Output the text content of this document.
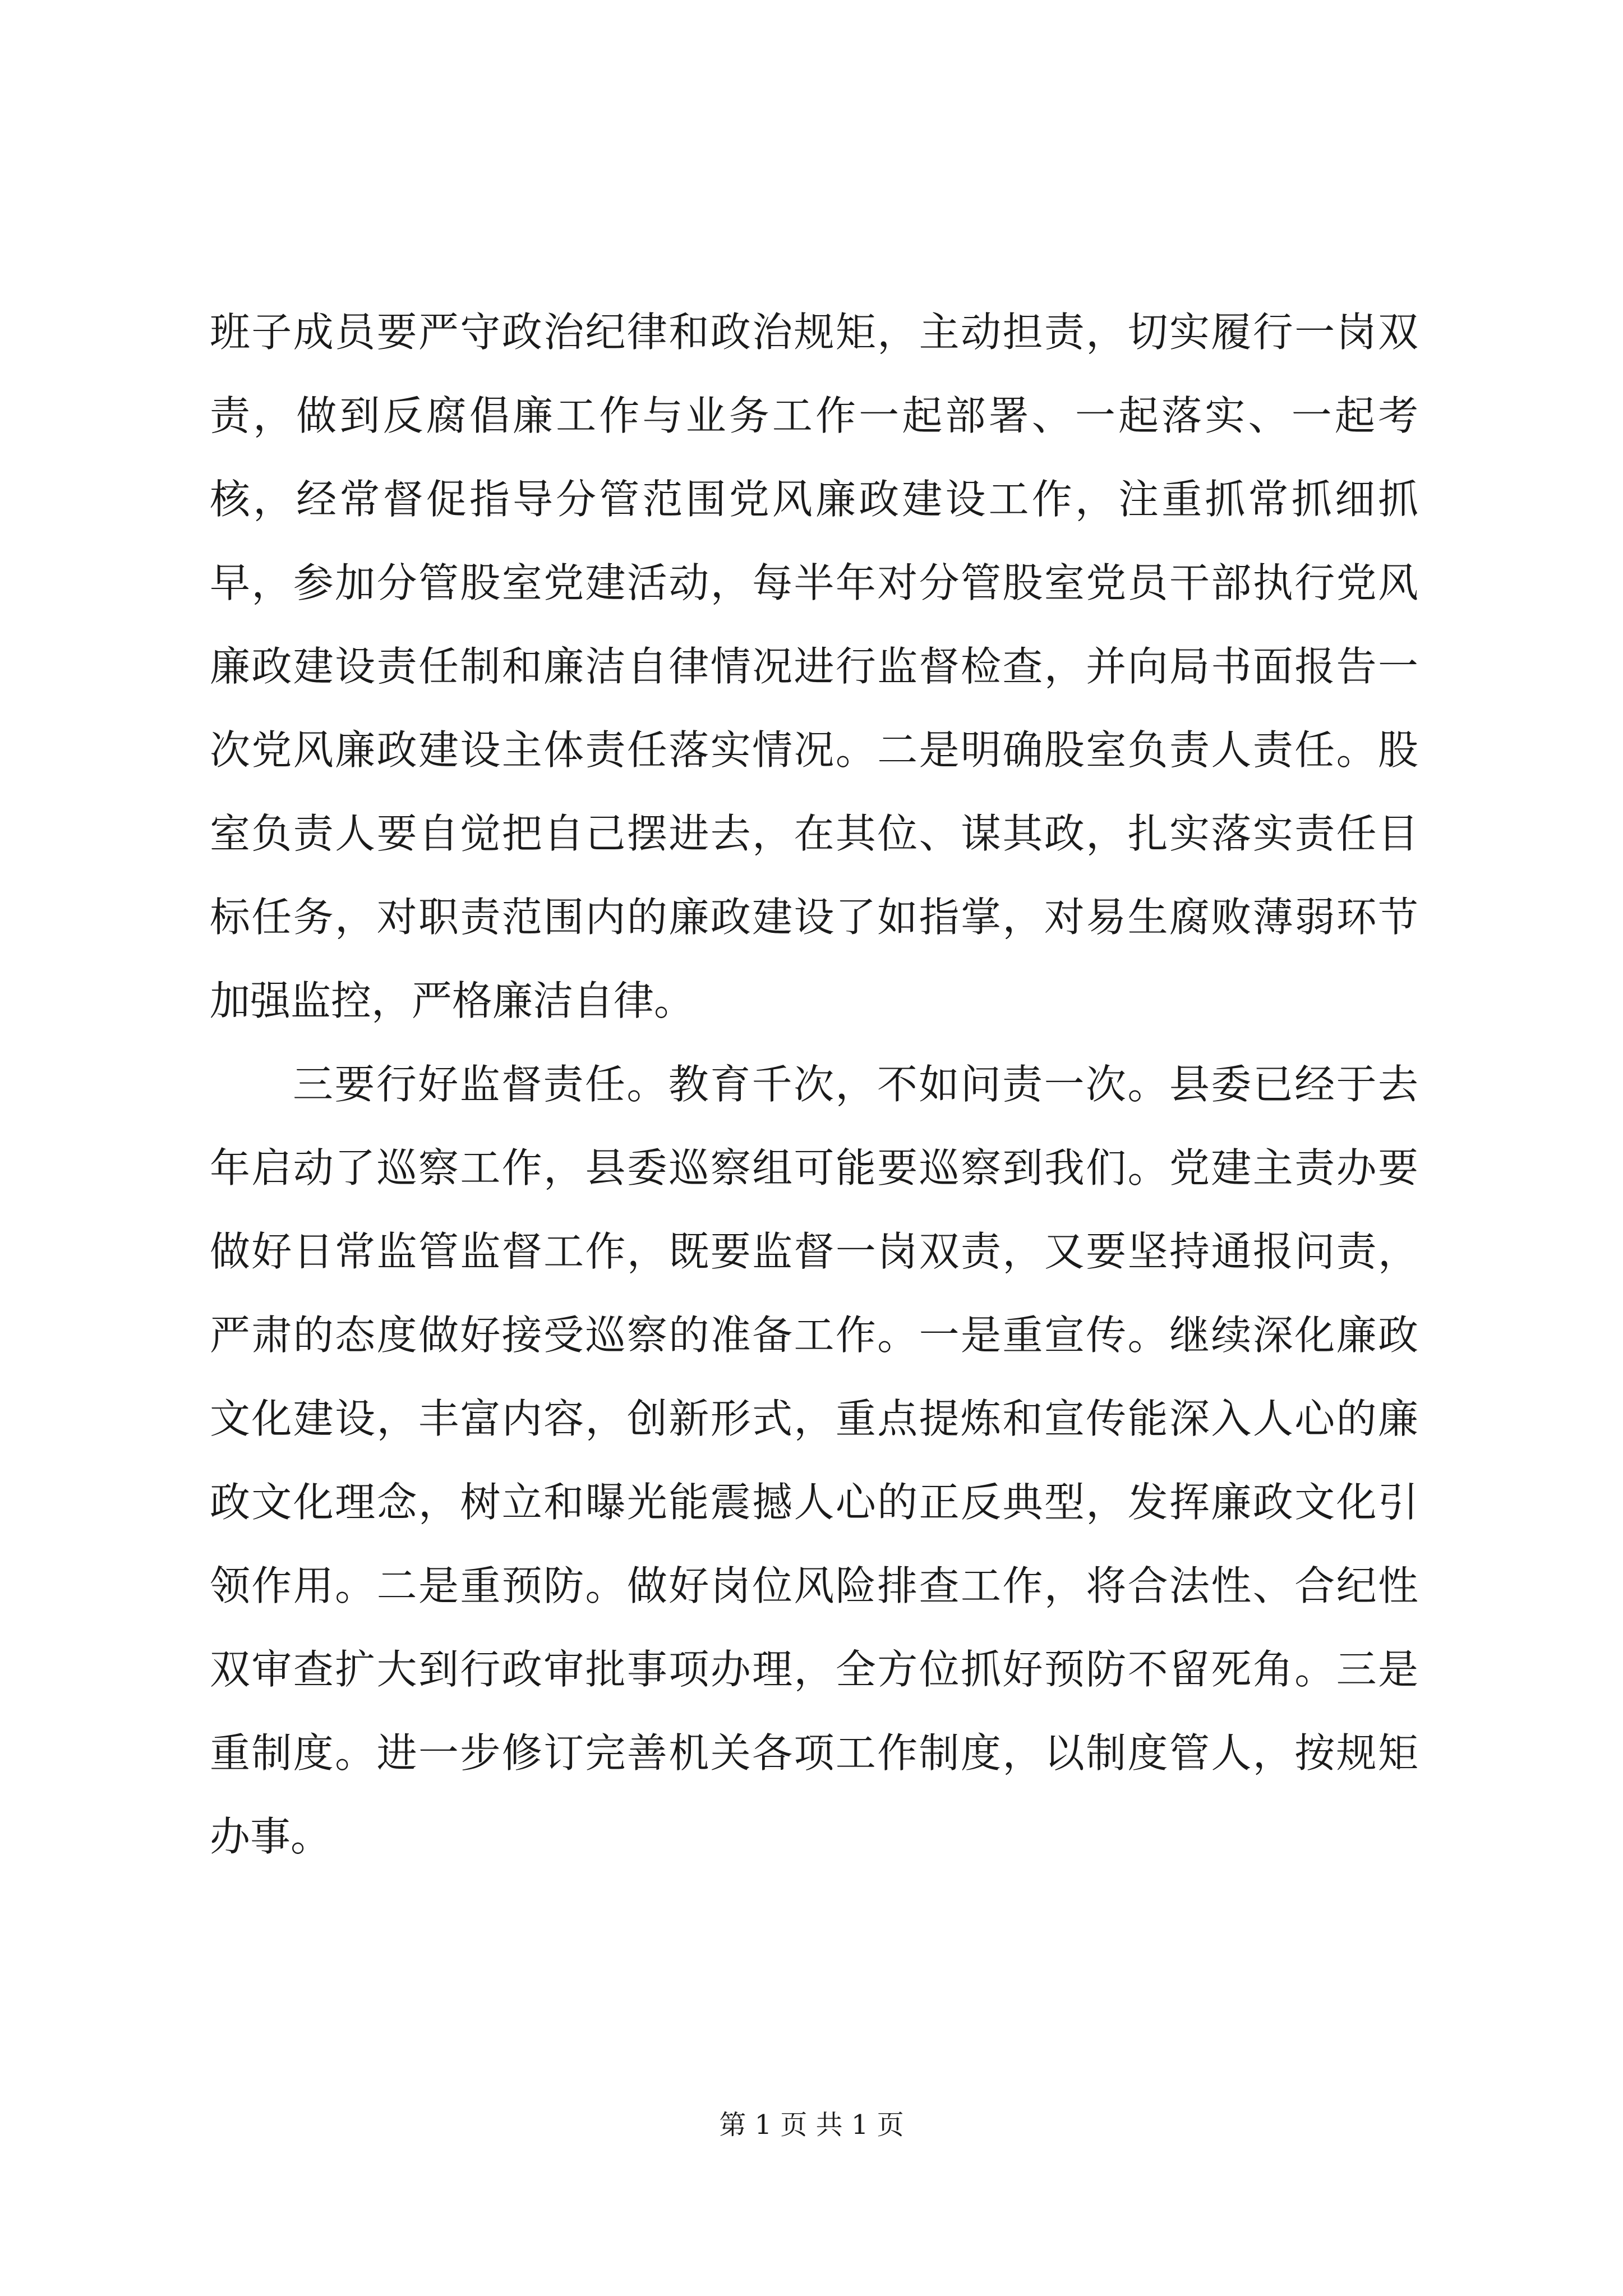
班子成员要严守政治纪律和政治规矩，主动担责，切实履行一岗双责，做到反腐倡廉工作与业务工作一起部署、一起落实、一起考核，经常督促指导分管范围党风廉政建设工作，注重抓常抓细抓早，参加分管股室党建活动，每半年对分管股室党员干部执行党风廉政建设责任制和廉洁自律情况进行监督检查，并向局书面报告一次党风廉政建设主体责任落实情况。二是明确股室负责人责任。股室负责人要自觉把自己摆进去，在其位、谋其政，扎实落实责任目标任务，对职责范围内的廉政建设了如指掌，对易生腐败薄弱环节加强监控，严格廉洁自律。

三要行好监督责任。教育千次，不如问责一次。县委已经于去年启动了巡察工作，县委巡察组可能要巡察到我们。党建主责办要做好日常监管监督工作，既要监督一岗双责，又要坚持通报问责，严肃的态度做好接受巡察的准备工作。一是重宣传。继续深化廉政文化建设，丰富内容，创新形式，重点提炼和宣传能深入人心的廉政文化理念，树立和曝光能震撼人心的正反典型，发挥廉政文化引领作用。二是重预防。做好岗位风险排查工作，将合法性、合纪性双审查扩大到行政审批事项办理，全方位抓好预防不留死角。三是重制度。进一步修订完善机关各项工作制度，以制度管人，按规矩办事。

第 1 页 共 1 页
